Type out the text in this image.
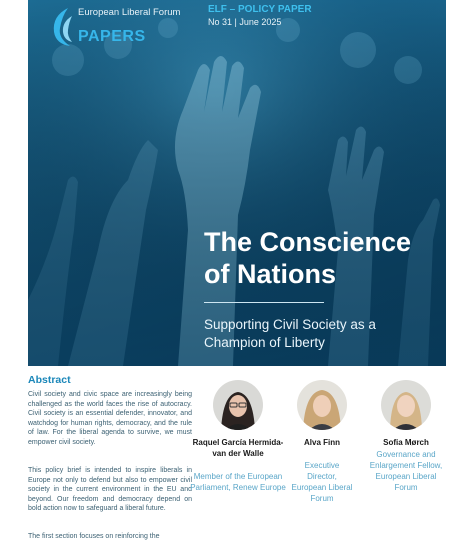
European Liberal Forum
PAPERS
ELF – POLICY PAPER
No 31 | June 2025
The Conscience of Nations
Supporting Civil Society as a Champion of Liberty
Abstract

Civil society and civic space are increasingly being challenged as the world faces the rise of autocracy. Civil society is an essential defender, innovator, and watchdog for human rights, democracy, and the rule of law. For the liberal agenda to survive, we must empower civil society.

This policy brief is intended to inspire liberals in Europe not only to defend but also to empower civil society in the current environment in the EU and beyond. Our freedom and democracy depend on bold action now to safeguard a liberal future.

The first section focuses on reinforcing the

Raquel García Hermida-van der Walle
Member of the European Parliament, Renew Europe
Alva Finn
Executive Director, European Liberal Forum
Sofia Mørch
Governance and Enlargement Fellow, European Liberal Forum
